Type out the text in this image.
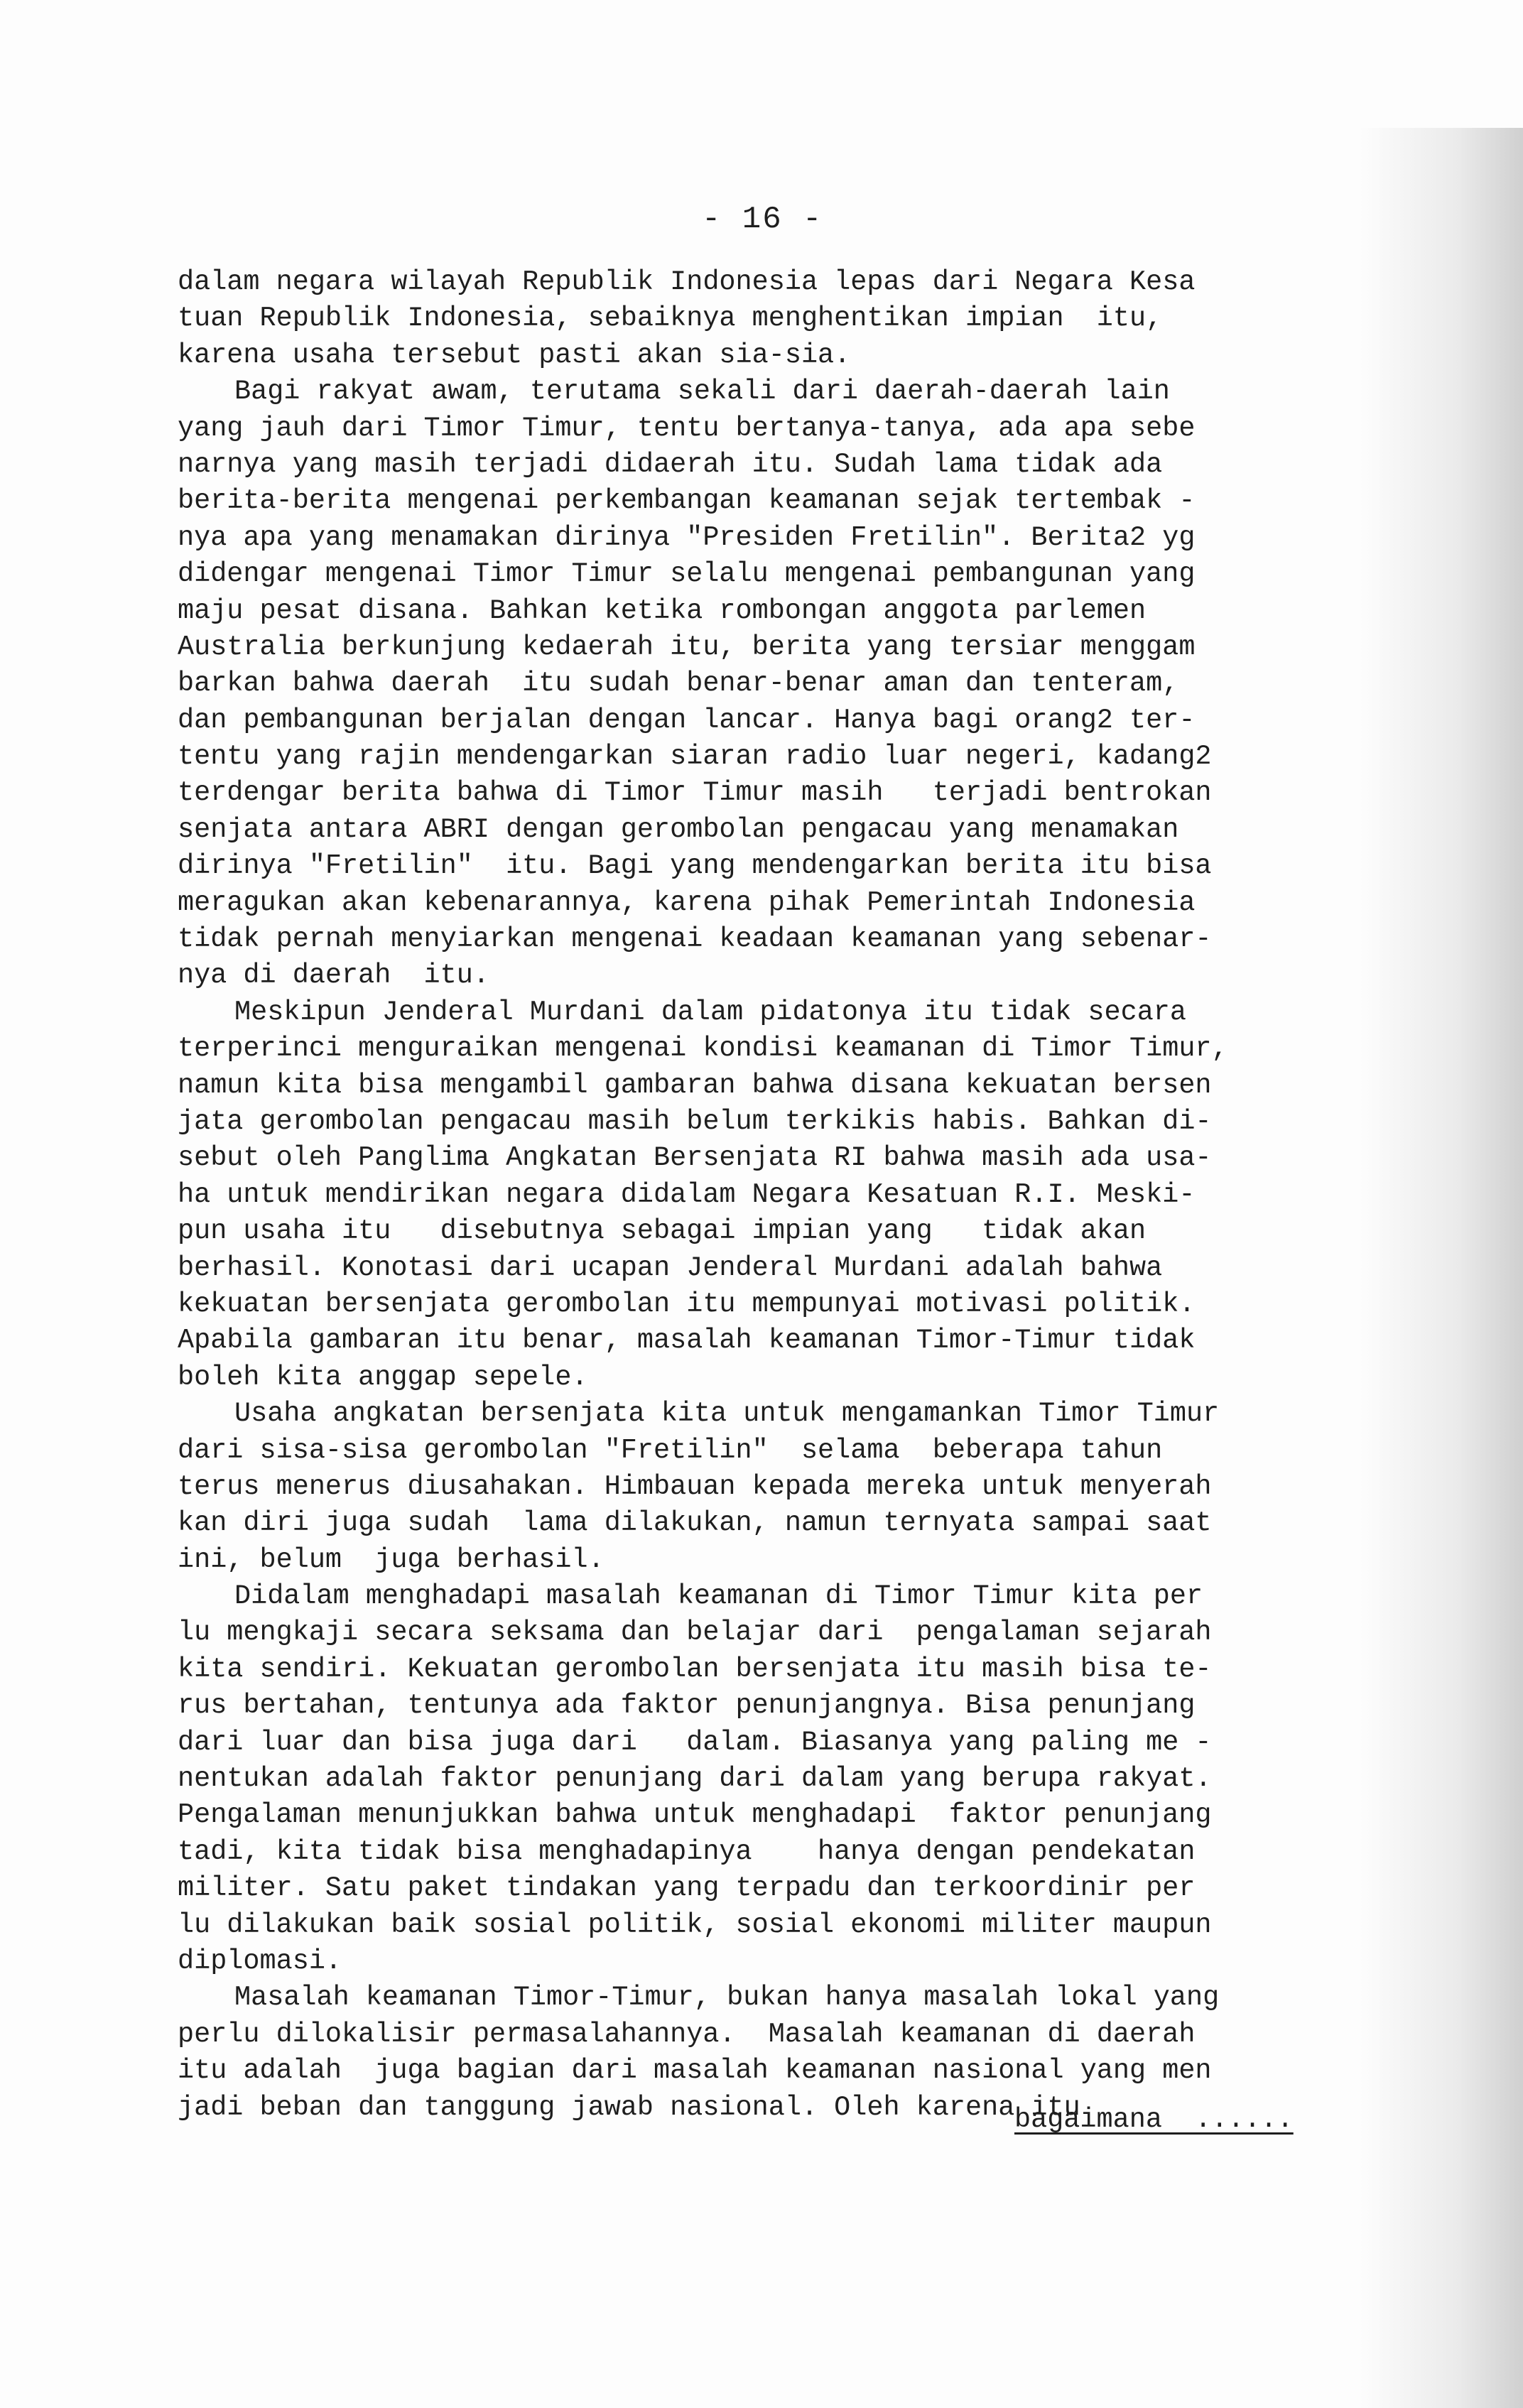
- 16 -
dalam negara wilayah Republik Indonesia lepas dari Negara Kesa
tuan Republik Indonesia, sebaiknya menghentikan impian  itu,
karena usaha tersebut pasti akan sia-sia.
Bagi rakyat awam, terutama sekali dari daerah-daerah lain
yang jauh dari Timor Timur, tentu bertanya-tanya, ada apa sebe
narnya yang masih terjadi didaerah itu. Sudah lama tidak ada
berita-berita mengenai perkembangan keamanan sejak tertembak -
nya apa yang menamakan dirinya "Presiden Fretilin". Berita2 yg
didengar mengenai Timor Timur selalu mengenai pembangunan yang
maju pesat disana. Bahkan ketika rombongan anggota parlemen
Australia berkunjung kedaerah itu, berita yang tersiar menggam
barkan bahwa daerah  itu sudah benar-benar aman dan tenteram,
dan pembangunan berjalan dengan lancar. Hanya bagi orang2 ter-
tentu yang rajin mendengarkan siaran radio luar negeri, kadang2
terdengar berita bahwa di Timor Timur masih   terjadi bentrokan
senjata antara ABRI dengan gerombolan pengacau yang menamakan
dirinya "Fretilin"  itu. Bagi yang mendengarkan berita itu bisa
meragukan akan kebenarannya, karena pihak Pemerintah Indonesia
tidak pernah menyiarkan mengenai keadaan keamanan yang sebenar-
nya di daerah  itu.
Meskipun Jenderal Murdani dalam pidatonya itu tidak secara
terperinci menguraikan mengenai kondisi keamanan di Timor Timur,
namun kita bisa mengambil gambaran bahwa disana kekuatan bersen
jata gerombolan pengacau masih belum terkikis habis. Bahkan di-
sebut oleh Panglima Angkatan Bersenjata RI bahwa masih ada usa-
ha untuk mendirikan negara didalam Negara Kesatuan R.I. Meski-
pun usaha itu   disebutnya sebagai impian yang   tidak akan
berhasil. Konotasi dari ucapan Jenderal Murdani adalah bahwa
kekuatan bersenjata gerombolan itu mempunyai motivasi politik.
Apabila gambaran itu benar, masalah keamanan Timor-Timur tidak
boleh kita anggap sepele.
Usaha angkatan bersenjata kita untuk mengamankan Timor Timur
dari sisa-sisa gerombolan "Fretilin"  selama  beberapa tahun
terus menerus diusahakan. Himbauan kepada mereka untuk menyerah
kan diri juga sudah  lama dilakukan, namun ternyata sampai saat
ini, belum  juga berhasil.
Didalam menghadapi masalah keamanan di Timor Timur kita per
lu mengkaji secara seksama dan belajar dari  pengalaman sejarah
kita sendiri. Kekuatan gerombolan bersenjata itu masih bisa te-
rus bertahan, tentunya ada faktor penunjangnya. Bisa penunjang
dari luar dan bisa juga dari   dalam. Biasanya yang paling me -
nentukan adalah faktor penunjang dari dalam yang berupa rakyat.
Pengalaman menunjukkan bahwa untuk menghadapi  faktor penunjang
tadi, kita tidak bisa menghadapinya    hanya dengan pendekatan
militer. Satu paket tindakan yang terpadu dan terkoordinir per
lu dilakukan baik sosial politik, sosial ekonomi militer maupun
diplomasi.
Masalah keamanan Timor-Timur, bukan hanya masalah lokal yang
perlu dilokalisir permasalahannya.  Masalah keamanan di daerah
itu adalah  juga bagian dari masalah keamanan nasional yang men
jadi beban dan tanggung jawab nasional. Oleh karena itu
bagaimana  ......
